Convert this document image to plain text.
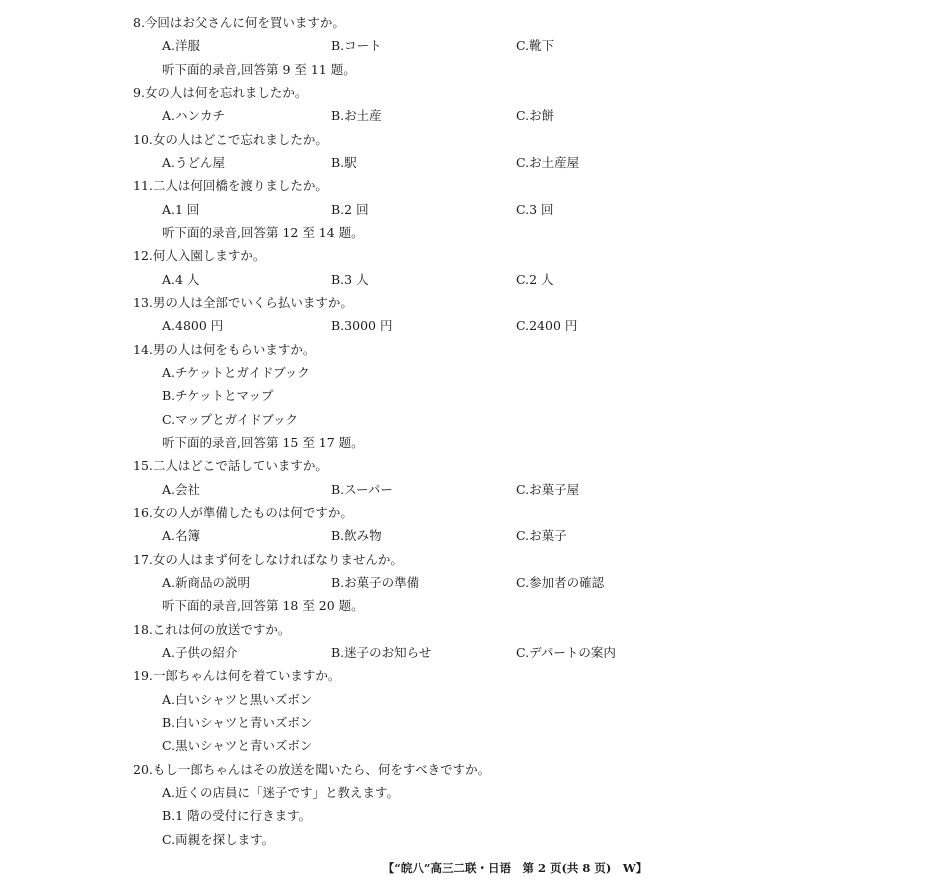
8.今回はお父さんに何を買いますか。
A.洋服	B.コート	C.靴下
听下面的录音,回答第 9 至 11 题。
9.女の人は何を忘れましたか。
A.ハンカチ	B.お土産	C.お餅
10.女の人はどこで忘れましたか。
A.うどん屋	B.駅	C.お土産屋
11.二人は何回橋を渡りましたか。
A.1 回	B.2 回	C.3 回
听下面的录音,回答第 12 至 14 题。
12.何人入園しますか。
A.4 人	B.3 人	C.2 人
13.男の人は全部でいくら払いますか。
A.4800 円	B.3000 円	C.2400 円
14.男の人は何をもらいますか。
A.チケットとガイドブック
B.チケットとマップ
C.マップとガイドブック
听下面的录音,回答第 15 至 17 题。
15.二人はどこで話していますか。
A.会社	B.スーパー	C.お菓子屋
16.女の人が準備したものは何ですか。
A.名簿	B.飲み物	C.お菓子
17.女の人はまず何をしなければなりませんか。
A.新商品の説明	B.お菓子の準備	C.参加者の確認
听下面的录音,回答第 18 至 20 题。
18.これは何の放送ですか。
A.子供の紹介	B.迷子のお知らせ	C.デパートの案内
19.一郎ちゃんは何を着ていますか。
A.白いシャツと黒いズボン
B.白いシャツと青いズボン
C.黒いシャツと青いズボン
20.もし一郎ちゃんはその放送を聞いたら、何をすべきですか。
A.近くの店員に「迷子です」と教えます。
B.1 階の受付に行きます。
C.両親を探します。
【“皖八”高三二联・日语　第 2 页(共 8 页)　W】
